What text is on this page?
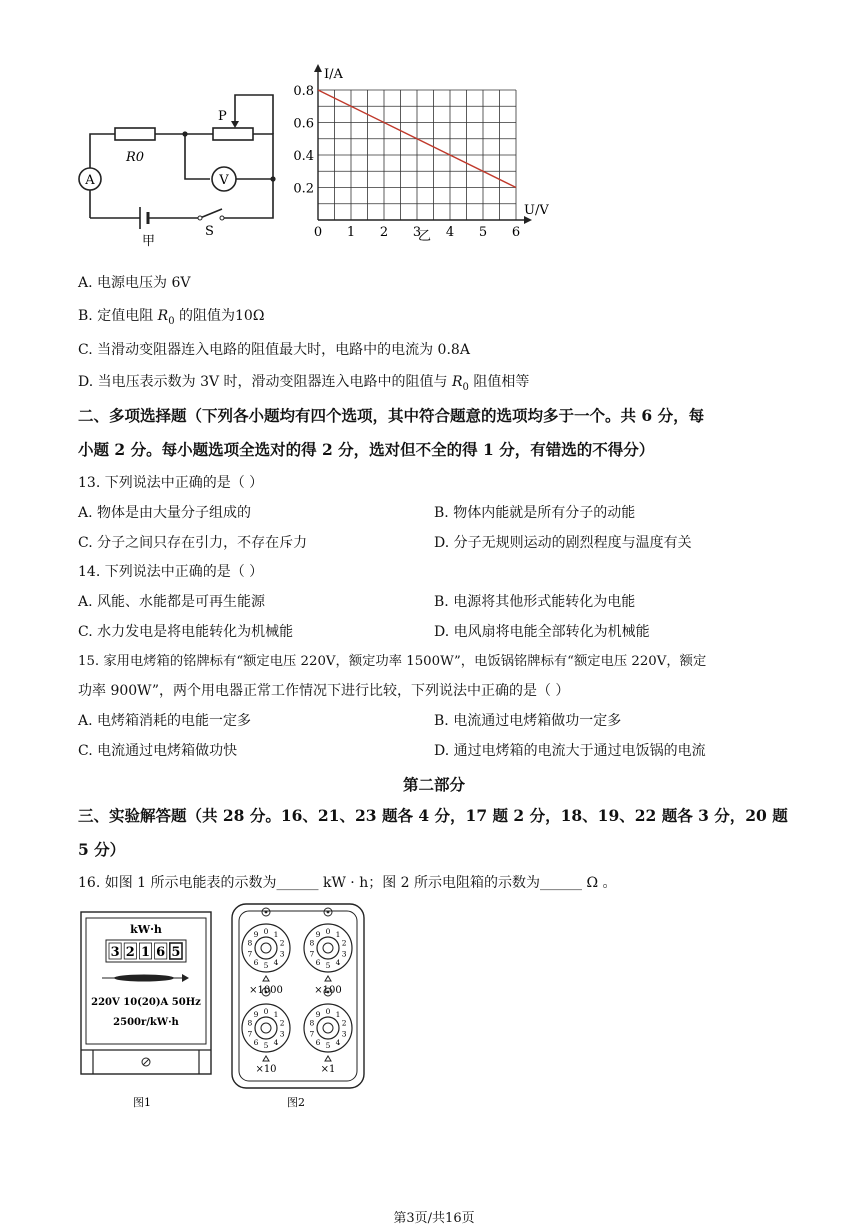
A	V
R0
P
S
甲
0 1 2 3 4 5 6
0.8
0.6
0.4
0.2
I/A
U/V
乙
A. 电源电压为 6V
B. 定值电阻 $R_0$ 的阻值为10Ω
C. 当滑动变阻器连入电路的阻值最大时，电路中的电流为 0.8A
D. 当电压表示数为 3V 时，滑动变阻器连入电路中的阻值与 $R_0$ 阻值相等
二、多项选择题（下列各小题均有四个选项，其中符合题意的选项均多于一个。共 6 分，每
小题 2 分。每小题选项全选对的得 2 分，选对但不全的得 1 分，有错选的不得分）
13. 下列说法中正确的是（ ）
A. 物体是由大量分子组成的	B. 物体内能就是所有分子的动能
C. 分子之间只存在引力，不存在斥力	D. 分子无规则运动的剧烈程度与温度有关
14. 下列说法中正确的是（ ）
A. 风能、水能都是可再生能源	B. 电源将其他形式能转化为电能
C. 水力发电是将电能转化为机械能	D. 电风扇将电能全部转化为机械能
15. 家用电烤箱的铭牌标有“额定电压 220V，额定功率 1500W”，电饭锅铭牌标有“额定电压 220V，额定
功率 900W”，两个用电器正常工作情况下进行比较，下列说法中正确的是（ ）
A. 电烤箱消耗的电能一定多	B. 电流通过电烤箱做功一定多
C. 电流通过电烤箱做功快	D. 通过电烤箱的电流大于通过电饭锅的电流
第二部分
三、实验解答题（共 28 分。16、21、23 题各 4 分，17 题 2 分，18、19、22 题各 3 分，20 题
5 分）
16. 如图 1 所示电能表的示数为______ kW · h；图 2 所示电阻箱的示数为______ Ω 。
kW·h
3 2 1 6 5
220V 10(20)A 50Hz
2500r/kW·h
图1
0 1
2
3
4
5
6
7
8
9	0 1
2
3
4
5
6
7
8
9
0 1
2
3
4
5
6
7
8
9	0 1
2
3
4
5
6
7
8
9
×1000	×100
×10	×1
图2
第3页/共16页
